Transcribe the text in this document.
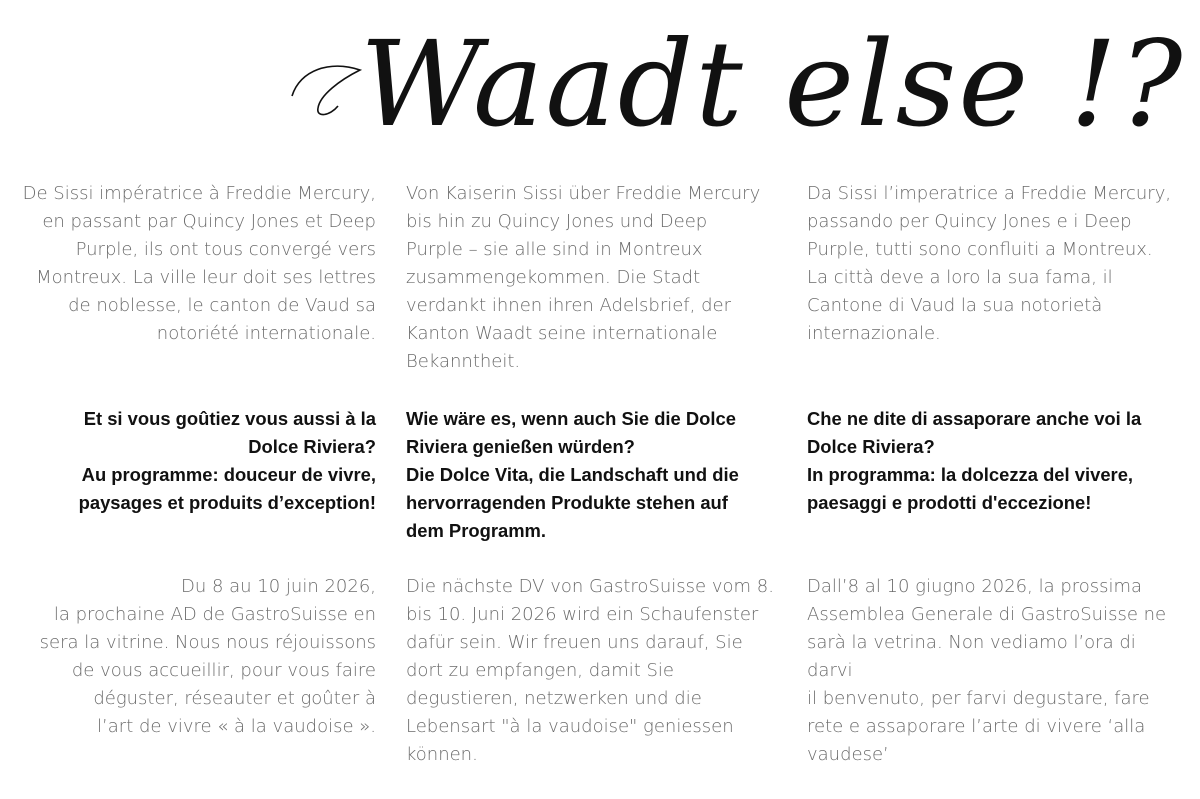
Waadt else !?

De Sissi impératrice à Freddie Mercury,
en passant par Quincy Jones et Deep
Purple, ils ont tous convergé vers
Montreux. La ville leur doit ses lettres
de noblesse, le canton de Vaud sa
notoriété internationale.

Et si vous goûtiez vous aussi à la
Dolce Riviera?
Au programme: douceur de vivre,
paysages et produits d’exception!

Du 8 au 10 juin 2026,
la prochaine AD de GastroSuisse en
sera la vitrine. Nous nous réjouissons
de vous accueillir, pour vous faire
déguster, réseauter et goûter à
l’art de vivre « à la vaudoise ».

Von Kaiserin Sissi über Freddie Mercury
bis hin zu Quincy Jones und Deep
Purple – sie alle sind in Montreux
zusammengekommen. Die Stadt
verdankt ihnen ihren Adelsbrief, der
Kanton Waadt seine internationale
Bekanntheit.

Wie wäre es, wenn auch Sie die Dolce
Riviera genießen würden?
Die Dolce Vita, die Landschaft und die
hervorragenden Produkte stehen auf
dem Programm.

Die nächste DV von GastroSuisse vom 8.
bis 10. Juni 2026 wird ein Schaufenster
dafür sein. Wir freuen uns darauf, Sie
dort zu empfangen, damit Sie
degustieren, netzwerken und die
Lebensart "à la vaudoise" geniessen
können.

Da Sissi l’imperatrice a Freddie Mercury,
passando per Quincy Jones e i Deep
Purple, tutti sono confluiti a Montreux.
La città deve a loro la sua fama, il
Cantone di Vaud la sua notorietà
internazionale.

Che ne dite di assaporare anche voi la
Dolce Riviera?
In programma: la dolcezza del vivere,
paesaggi e prodotti d'eccezione!

Dall’8 al 10 giugno 2026, la prossima
Assemblea Generale di GastroSuisse ne
sarà la vetrina. Non vediamo l’ora di darvi
il benvenuto, per farvi degustare, fare
rete e assaporare l’arte di vivere ‘alla
vaudese’
